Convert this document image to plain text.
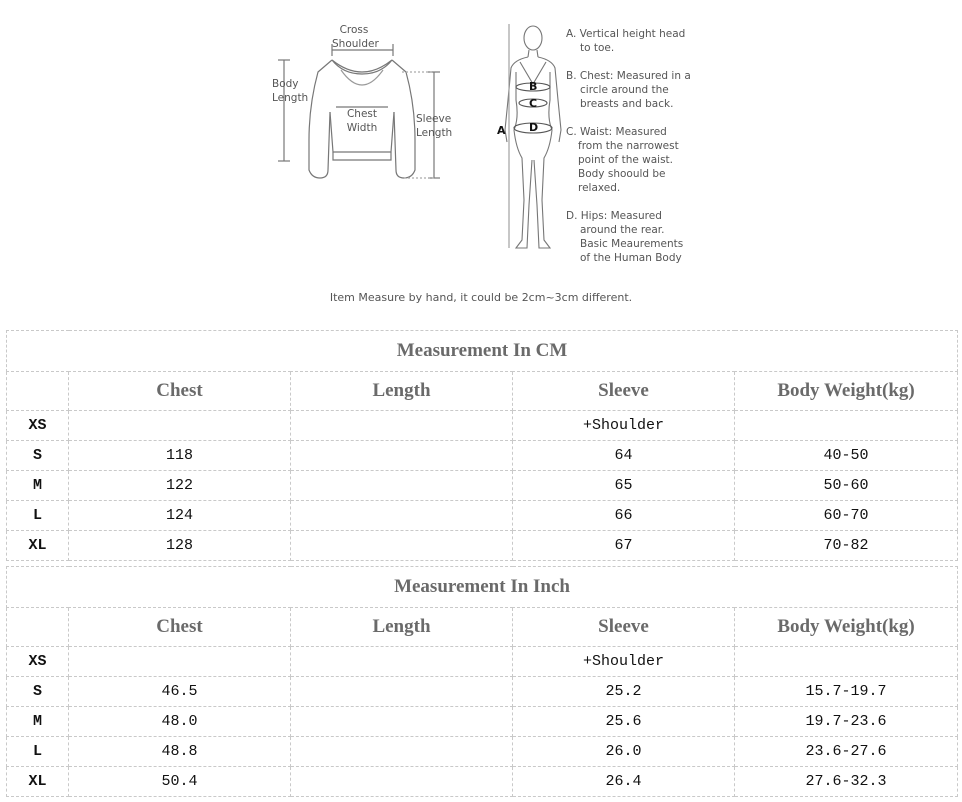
Cross
Shoulder
Body
Length
Chest
Width
Sleeve
Length	A
B
C
D
A. Vertical height head
to toe.
B. Chest: Measured in a
circle around the
breasts and back.
C. Waist: Measured
from the narrowest
point of the waist.
Body shoould be
relaxed.
D. Hips: Measured
around the rear.
Basic Meaurements
of the Human Body
Item Measure by hand, it could be 2cm~3cm different.
Measurement In CM				
	Chest	Length	Sleeve	Body Weight(kg)
XS			+Shoulder	
S	118		64	40-50
M	122		65	50-60
L	124		66	60-70
XL	128		67	70-82
Measurement In Inch				
	Chest	Length	Sleeve	Body Weight(kg)
XS			+Shoulder	
S	46.5		25.2	15.7-19.7
M	48.0		25.6	19.7-23.6
L	48.8		26.0	23.6-27.6
XL	50.4		26.4	27.6-32.3
